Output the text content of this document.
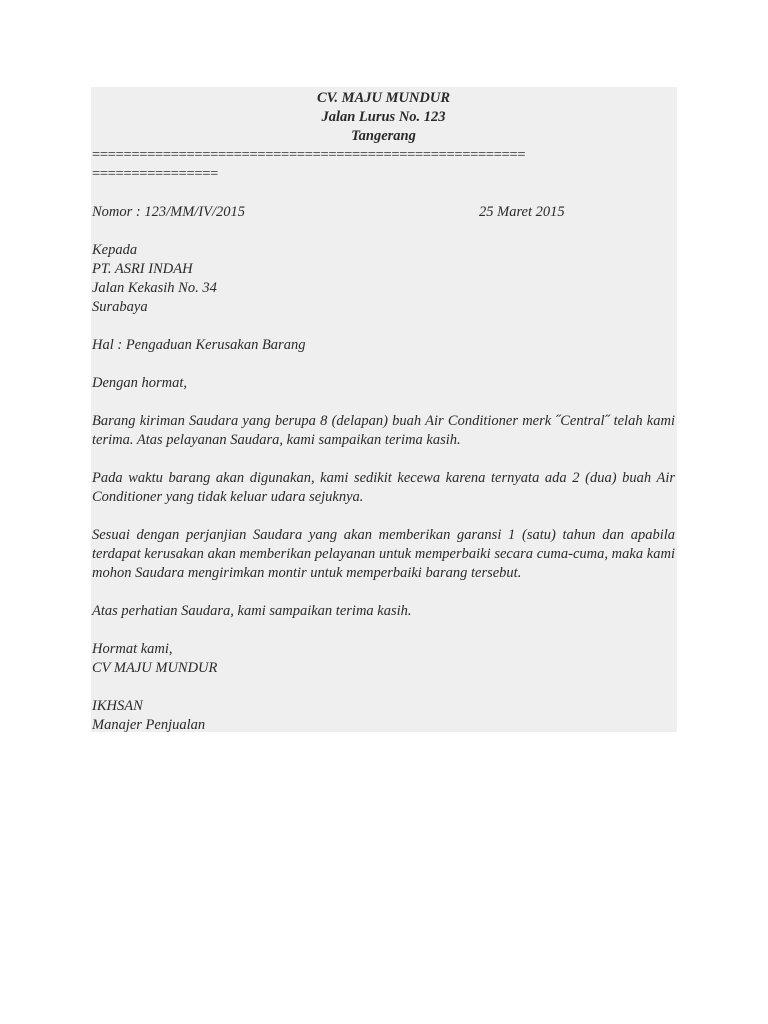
CV. MAJU MUNDUR
Jalan Lurus No. 123
Tangerang
=======================================================
================
Nomor : 123/MM/IV/2015	25 Maret 2015
Kepada
PT. ASRI INDAH
Jalan Kekasih No. 34
Surabaya
Hal : Pengaduan Kerusakan Barang
Dengan hormat,

Barang kiriman Saudara yang berupa 8 (delapan) buah Air Conditioner merk ˝Central˝ telah kami terima. Atas pelayanan Saudara, kami sampaikan terima kasih.

Pada waktu barang akan digunakan, kami sedikit kecewa karena ternyata ada 2 (dua) buah Air Conditioner yang tidak keluar udara sejuknya.

Sesuai dengan perjanjian Saudara yang akan memberikan garansi 1 (satu) tahun dan apabila terdapat kerusakan akan memberikan pelayanan untuk memperbaiki secara cuma-cuma, maka kami mohon Saudara mengirimkan montir untuk memperbaiki barang tersebut.

Atas perhatian Saudara, kami sampaikan terima kasih.

Hormat kami,
CV MAJU MUNDUR
IKHSAN
Manajer Penjualan
